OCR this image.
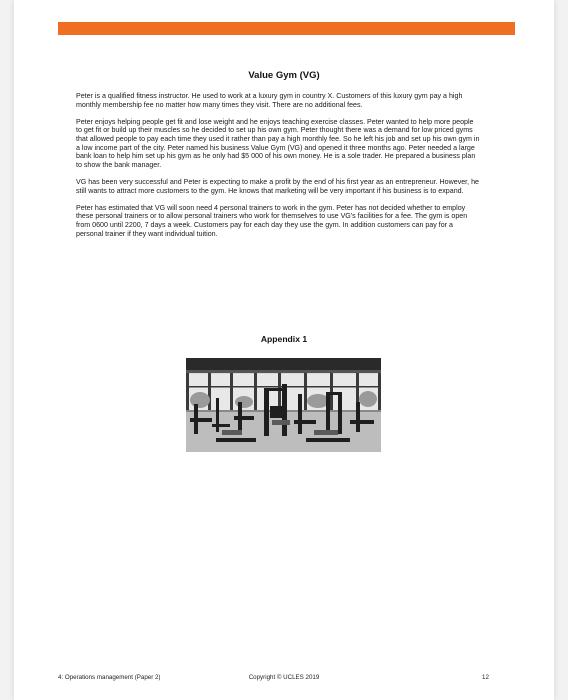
Value Gym (VG)

Peter is a qualified fitness instructor. He used to work at a luxury gym in country X. Customers of this luxury gym pay a high monthly membership fee no matter how many times they visit. There are no additional fees.

Peter enjoys helping people get fit and lose weight and he enjoys teaching exercise classes. Peter wanted to help more people to get fit or build up their muscles so he decided to set up his own gym. Peter thought there was a demand for low priced gyms that allowed people to pay each time they used it rather than pay a high monthly fee. So he left his job and set up his own gym in a low income part of the city. Peter named his business Value Gym (VG) and opened it three months ago. Peter needed a large bank loan to help him set up his gym as he only had $5 000 of his own money. He is a sole trader. He prepared a business plan to show the bank manager.

VG has been very successful and Peter is expecting to make a profit by the end of his first year as an entrepreneur. However, he still wants to attract more customers to the gym. He knows that marketing will be very important if his business is to expand.

Peter has estimated that VG will soon need 4 personal trainers to work in the gym. Peter has not decided whether to employ these personal trainers or to allow personal trainers who work for themselves to use VG's facilities for a fee. The gym is open from 0600 until 2200, 7 days a week. Customers pay for each day they use the gym. In addition customers can pay for a personal trainer if they want individual tuition.

Appendix 1
4: Operations management (Paper 2)	Copyright © UCLES 2019	12
